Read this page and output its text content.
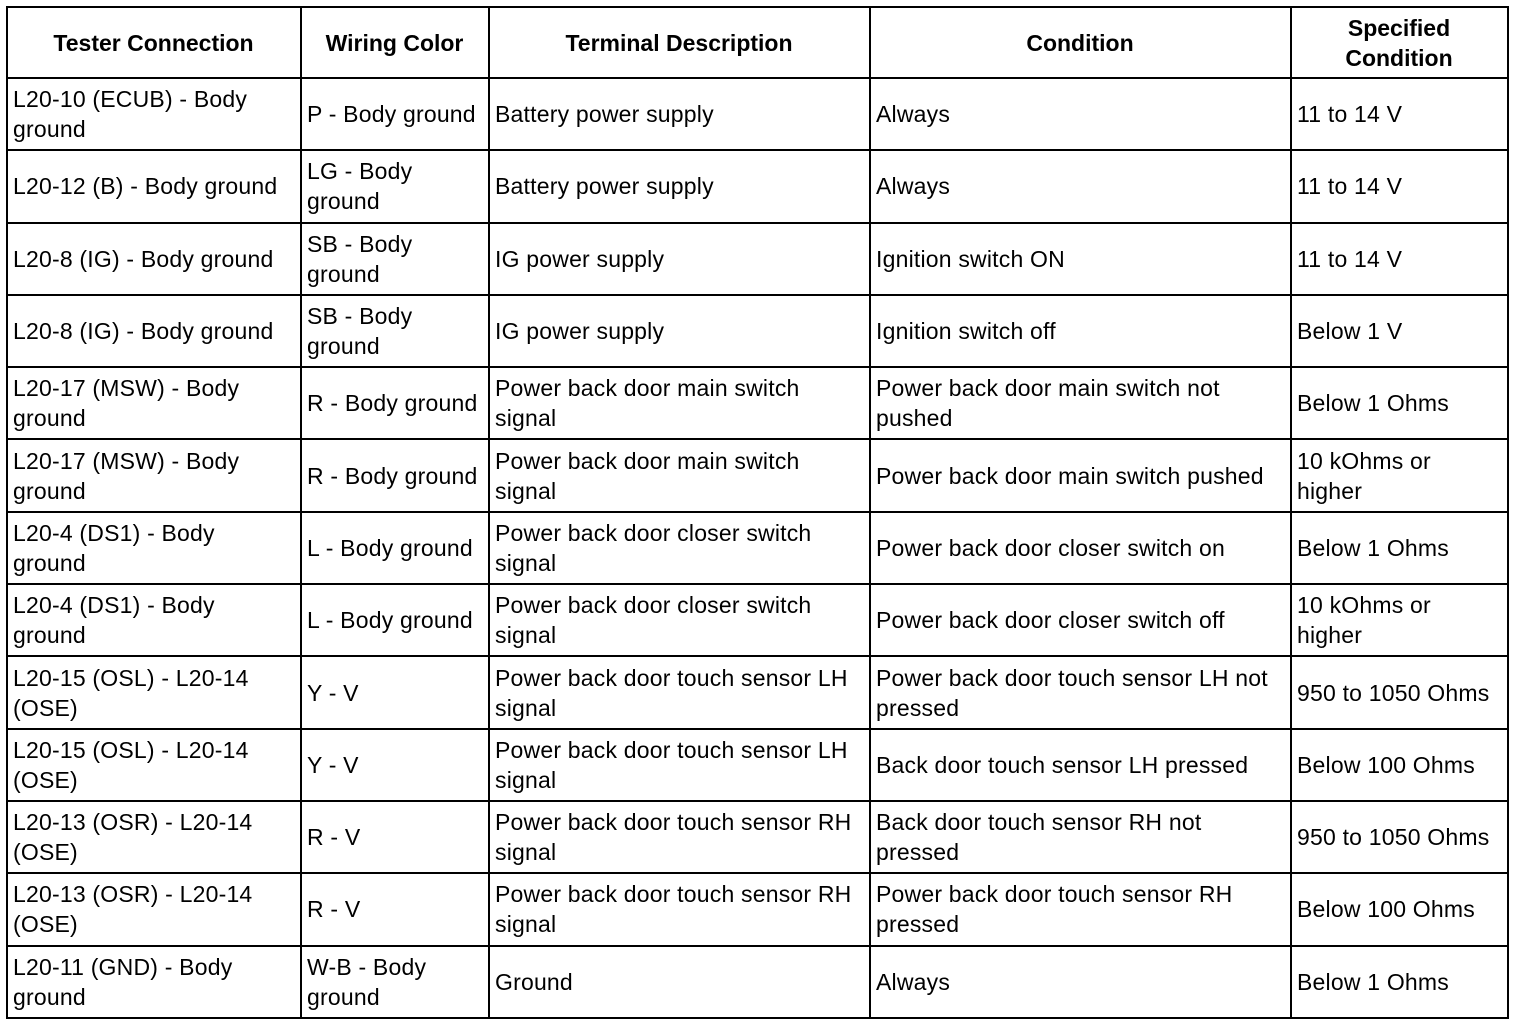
Tester Connection	Wiring Color	Terminal Description	Condition	Specified Condition
L20-10 (ECUB) - Body ground	P - Body ground	Battery power supply	Always	11 to 14 V
L20-12 (B) - Body ground	LG - Body ground	Battery power supply	Always	11 to 14 V
L20-8 (IG) - Body ground	SB - Body ground	IG power supply	Ignition switch ON	11 to 14 V
L20-8 (IG) - Body ground	SB - Body ground	IG power supply	Ignition switch off	Below 1 V
L20-17 (MSW) - Body ground	R - Body ground	Power back door main switch signal	Power back door main switch not pushed	Below 1 Ohms
L20-17 (MSW) - Body ground	R - Body ground	Power back door main switch signal	Power back door main switch pushed	10 kOhms or higher
L20-4 (DS1) - Body ground	L - Body ground	Power back door closer switch signal	Power back door closer switch on	Below 1 Ohms
L20-4 (DS1) - Body ground	L - Body ground	Power back door closer switch signal	Power back door closer switch off	10 kOhms or higher
L20-15 (OSL) - L20-14 (OSE)	Y - V	Power back door touch sensor LH signal	Power back door touch sensor LH not pressed	950 to 1050 Ohms
L20-15 (OSL) - L20-14 (OSE)	Y - V	Power back door touch sensor LH signal	Back door touch sensor LH pressed	Below 100 Ohms
L20-13 (OSR) - L20-14 (OSE)	R - V	Power back door touch sensor RH signal	Back door touch sensor RH not pressed	950 to 1050 Ohms
L20-13 (OSR) - L20-14 (OSE)	R - V	Power back door touch sensor RH signal	Power back door touch sensor RH pressed	Below 100 Ohms
L20-11 (GND) - Body ground	W-B - Body ground	Ground	Always	Below 1 Ohms
